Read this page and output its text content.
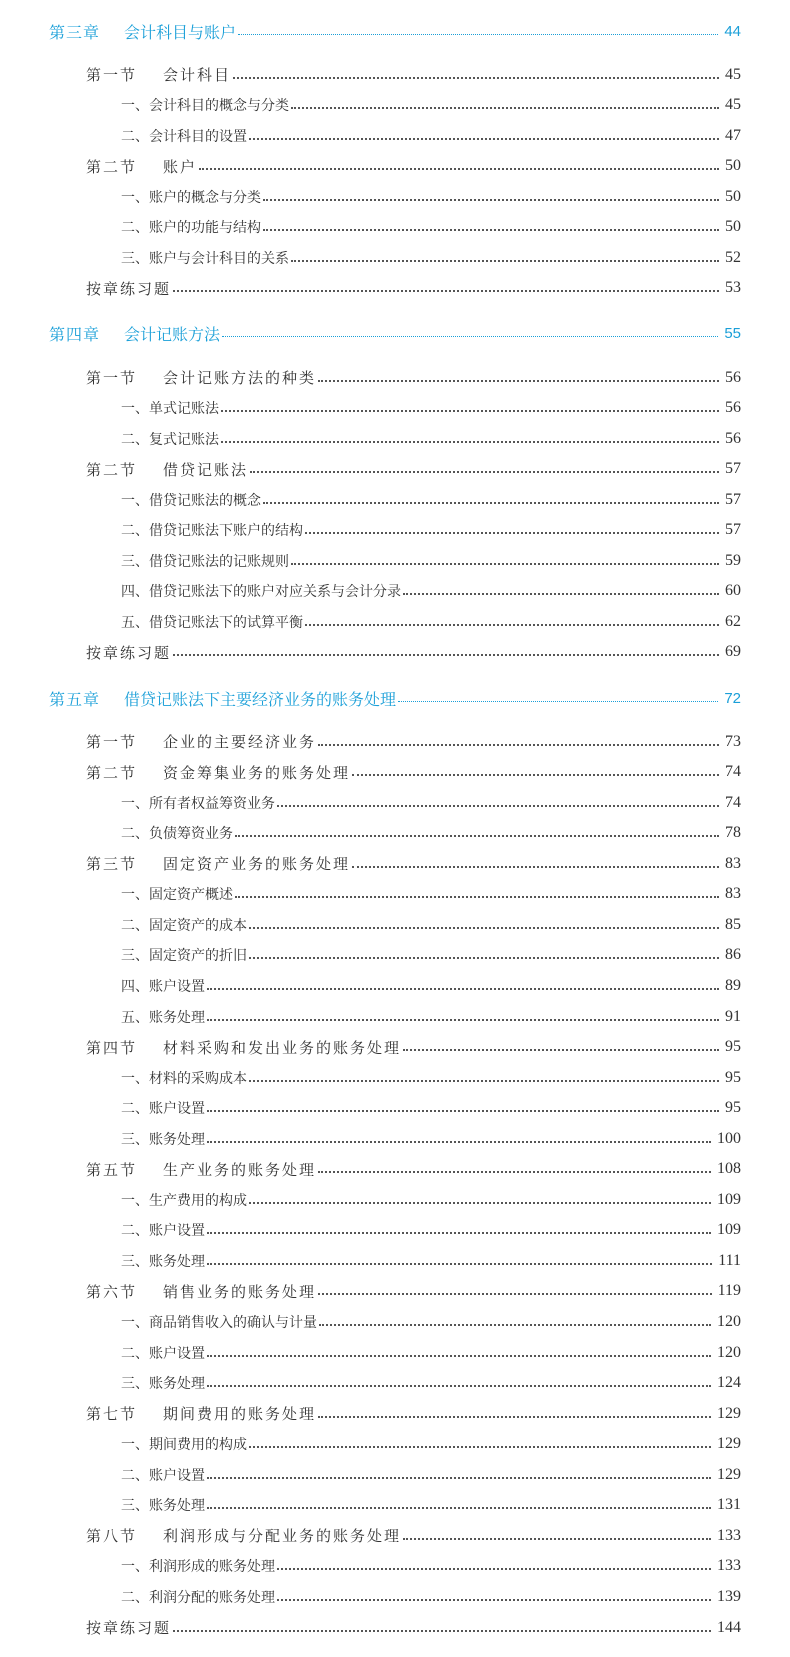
第三章	会计科目与账户	44
第一节	会计科目	45
一、会计科目的概念与分类	45
二、会计科目的设置	47
第二节	账户	50
一、账户的概念与分类	50
二、账户的功能与结构	50
三、账户与会计科目的关系	52
按章练习题	53
第四章	会计记账方法	55
第一节	会计记账方法的种类	56
一、单式记账法	56
二、复式记账法	56
第二节	借贷记账法	57
一、借贷记账法的概念	57
二、借贷记账法下账户的结构	57
三、借贷记账法的记账规则	59
四、借贷记账法下的账户对应关系与会计分录	60
五、借贷记账法下的试算平衡	62
按章练习题	69
第五章	借贷记账法下主要经济业务的账务处理	72
第一节	企业的主要经济业务	73
第二节	资金筹集业务的账务处理	74
一、所有者权益筹资业务	74
二、负债筹资业务	78
第三节	固定资产业务的账务处理	83
一、固定资产概述	83
二、固定资产的成本	85
三、固定资产的折旧	86
四、账户设置	89
五、账务处理	91
第四节	材料采购和发出业务的账务处理	95
一、材料的采购成本	95
二、账户设置	95
三、账务处理	100
第五节	生产业务的账务处理	108
一、生产费用的构成	109
二、账户设置	109
三、账务处理	111
第六节	销售业务的账务处理	119
一、商品销售收入的确认与计量	120
二、账户设置	120
三、账务处理	124
第七节	期间费用的账务处理	129
一、期间费用的构成	129
二、账户设置	129
三、账务处理	131
第八节	利润形成与分配业务的账务处理	133
一、利润形成的账务处理	133
二、利润分配的账务处理	139
按章练习题	144
